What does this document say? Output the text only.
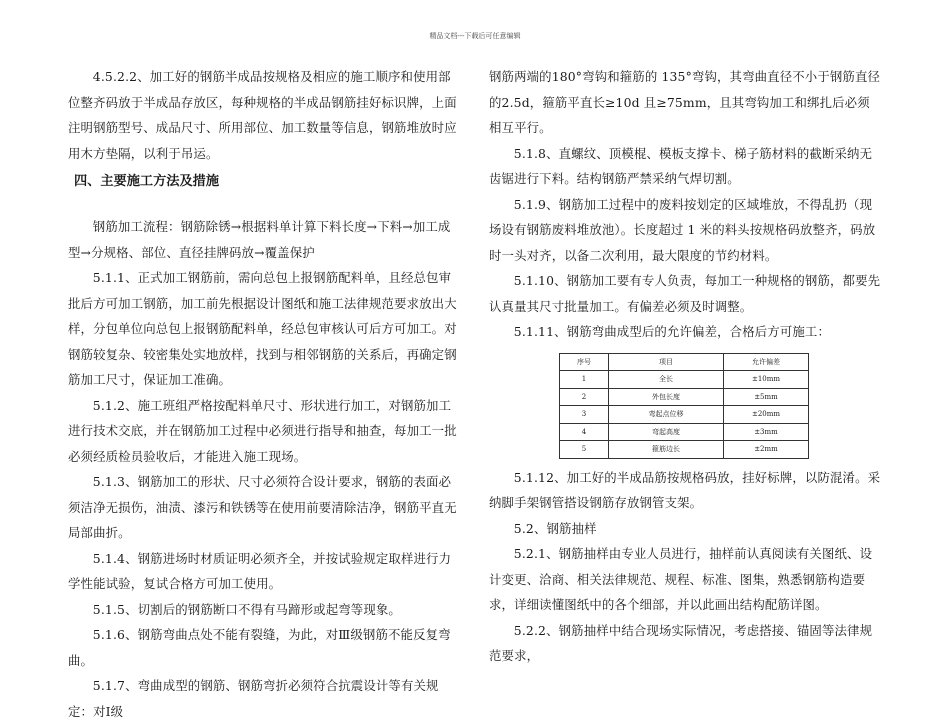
精品文档---下载后可任意编辑

4.5.2.2、加工好的钢筋半成品按规格及相应的施工顺序和使用部位整齐码放于半成品存放区，每种规格的半成品钢筋挂好标识牌，上面注明钢筋型号、成品尺寸、所用部位、加工数量等信息，钢筋堆放时应用木方垫隔，以利于吊运。

四、主要施工方法及措施

钢筋加工流程：钢筋除锈→根据料单计算下料长度→下料→加工成型→分规格、部位、直径挂牌码放→覆盖保护

5.1.1、正式加工钢筋前，需向总包上报钢筋配料单，且经总包审批后方可加工钢筋，加工前先根据设计图纸和施工法律规范要求放出大样，分包单位向总包上报钢筋配料单，经总包审核认可后方可加工。对钢筋较复杂、较密集处实地放样，找到与相邻钢筋的关系后，再确定钢筋加工尺寸，保证加工准确。

5.1.2、施工班组严格按配料单尺寸、形状进行加工，对钢筋加工进行技术交底，并在钢筋加工过程中必须进行指导和抽查，每加工一批必须经质检员验收后，才能进入施工现场。

5.1.3、钢筋加工的形状、尺寸必须符合设计要求，钢筋的表面必须洁净无损伤，油渍、漆污和铁锈等在使用前要清除洁净，钢筋平直无局部曲折。

5.1.4、钢筋进场时材质证明必须齐全，并按试验规定取样进行力学性能试验，复试合格方可加工使用。

5.1.5、切割后的钢筋断口不得有马蹄形或起弯等现象。

5.1.6、钢筋弯曲点处不能有裂缝，为此，对Ⅲ级钢筋不能反复弯曲。

5.1.7、弯曲成型的钢筋、钢筋弯折必须符合抗震设计等有关规定：对Ⅰ级

钢筋两端的180°弯钩和箍筋的 135°弯钩，其弯曲直径不小于钢筋直径的2.5d，箍筋平直长≥10d 且≥75mm，且其弯钩加工和绑扎后必须相互平行。

5.1.8、直螺纹、顶模棍、模板支撑卡、梯子筋材料的截断采纳无齿锯进行下料。结构钢筋严禁采纳气焊切割。

5.1.9、钢筋加工过程中的废料按划定的区域堆放，不得乱扔（现场设有钢筋废料堆放池）。长度超过 1 米的料头按规格码放整齐，码放时一头对齐，以备二次利用，最大限度的节约材料。

5.1.10、钢筋加工要有专人负责，每加工一种规格的钢筋，都要先认真量其尺寸批量加工。有偏差必须及时调整。

5.1.11、钢筋弯曲成型后的允许偏差，合格后方可施工：

序号	项目	允许偏差
1	全长	±10mm
2	外包长度	±5mm
3	弯起点位移	±20mm
4	弯起高度	±3mm
5	箍筋边长	±2mm

5.1.12、加工好的半成品筋按规格码放，挂好标牌，以防混淆。采纳脚手架钢管搭设钢筋存放钢管支架。

5.2、钢筋抽样

5.2.1、钢筋抽样由专业人员进行，抽样前认真阅读有关图纸、设计变更、洽商、相关法律规范、规程、标准、图集，熟悉钢筋构造要求，详细读懂图纸中的各个细部，并以此画出结构配筋详图。

5.2.2、钢筋抽样中结合现场实际情况，考虑搭接、锚固等法律规范要求，
